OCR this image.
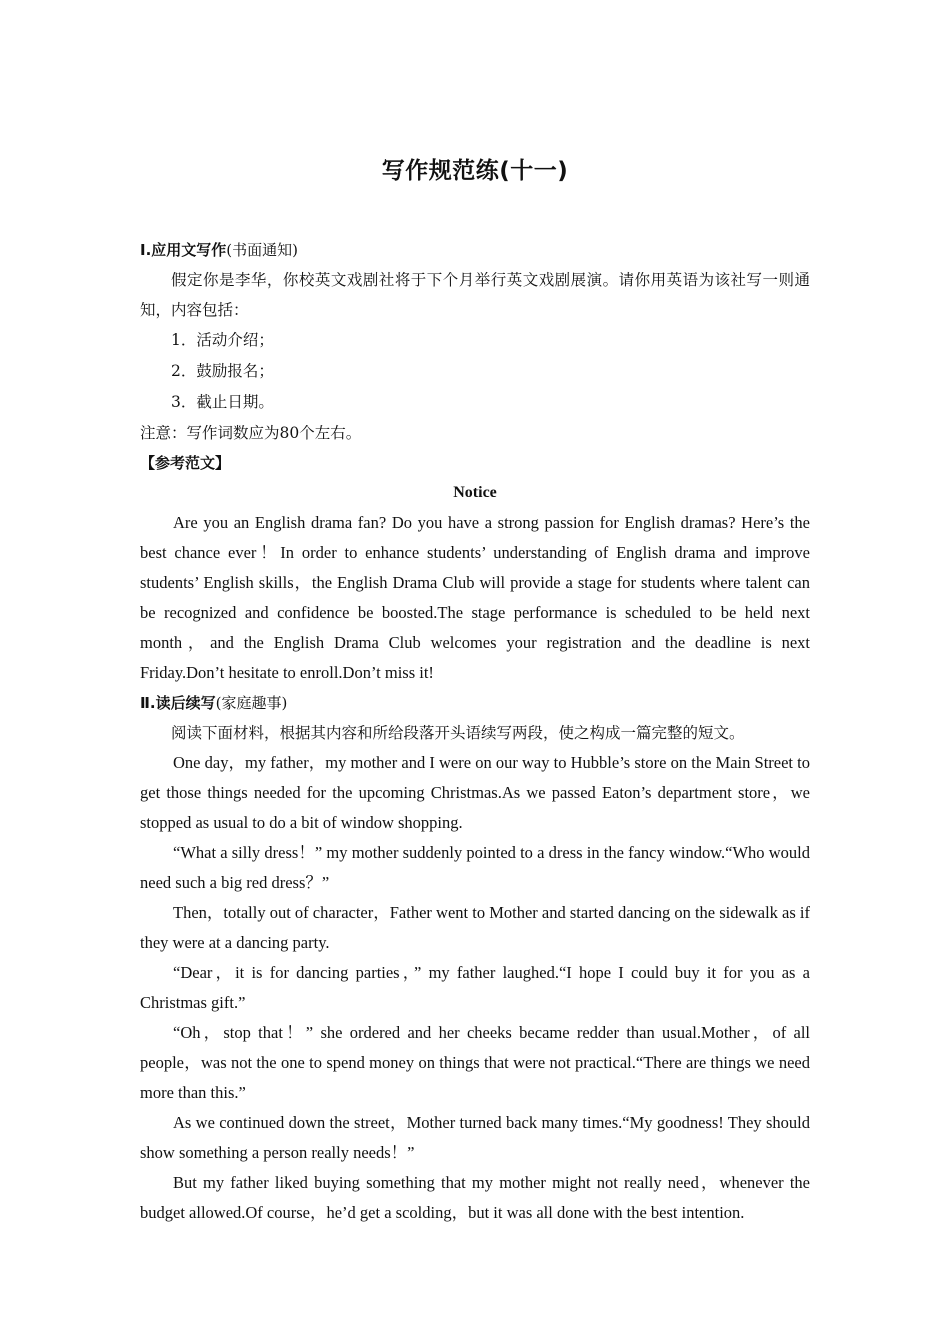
写作规范练(十一)

Ⅰ.应用文写作(书面通知)

假定你是李华，你校英文戏剧社将于下个月举行英文戏剧展演。请你用英语为该社写一则通知，内容包括：

1．活动介绍；

2．鼓励报名；

3．截止日期。

注意：写作词数应为80个左右。

【参考范文】

Notice

Are you an English drama fan? Do you have a strong passion for English dramas? Here’s the best chance ever！In order to enhance students’ understanding of English drama and improve students’ English skills，the English Drama Club will provide a stage for students where talent can be recognized and confidence be boosted.The stage performance is scheduled to be held next month，and the English Drama Club welcomes your registration and the deadline is next Friday.Don’t hesitate to enroll.Don’t miss it!

Ⅱ.读后续写(家庭趣事)

阅读下面材料，根据其内容和所给段落开头语续写两段，使之构成一篇完整的短文。

One day，my father，my mother and I were on our way to Hubble’s store on the Main Street to get those things needed for the upcoming Christmas.As we passed Eaton’s department store，we stopped as usual to do a bit of window shopping.

“What a silly dress！” my mother suddenly pointed to a dress in the fancy window.“Who would need such a big red dress？”

Then，totally out of character，Father went to Mother and started dancing on the sidewalk as if they were at a dancing party.

“Dear，it is for dancing parties，” my father laughed.“I hope I could buy it for you as a Christmas gift.”

“Oh，stop that！” she ordered and her cheeks became redder than usual.Mother，of all people，was not the one to spend money on things that were not practical.“There are things we need more than this.”

As we continued down the street，Mother turned back many times.“My goodness! They should show something a person really needs！”

But my father liked buying something that my mother might not really need，whenever the budget allowed.Of course，he’d get a scolding，but it was all done with the best intention.
